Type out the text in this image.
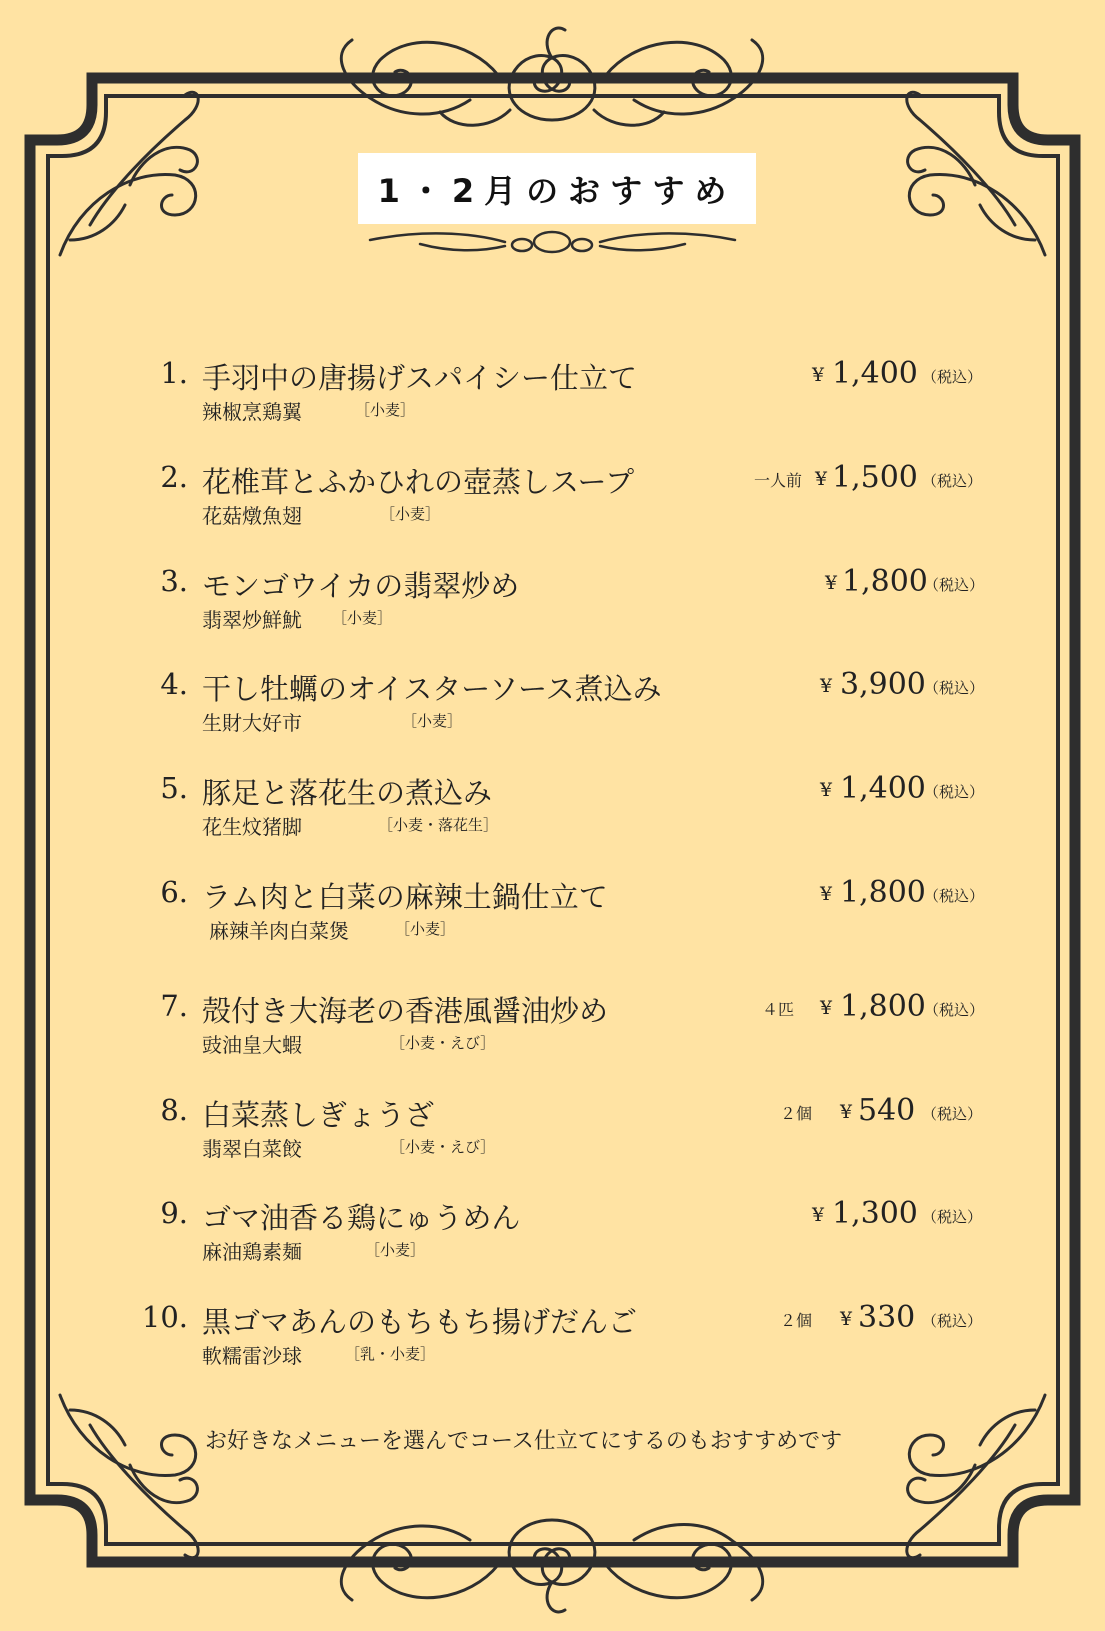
1・2月のおすすめ
1. 手羽中の唐揚げスパイシー仕立て
辣椒烹鶏翼	［小麦］
¥ 1,400 （税込）
2. 花椎茸とふかひれの壺蒸しスープ
花菇燉魚翅	［小麦］
一人前 ¥ 1,500 （税込）
3. モンゴウイカの翡翠炒め
翡翠炒鮮魷 ［小麦］
¥ 1,800
（税込）
4. 干し牡蠣のオイスターソース煮込み
生財大好市	［小麦］
¥ 3,900
（税込）
5. 豚足と落花生の煮込み
花生炆猪脚	［小麦・落花生］
¥ 1,400
（税込）
6. ラム肉と白菜の麻辣土鍋仕立て
麻辣羊肉白菜煲	［小麦］
¥ 1,800
（税込）
7. 殻付き大海老の香港風醤油炒め
豉油皇大蝦	［小麦・えび］
４匹 ¥ 1,800
（税込）
8. 白菜蒸しぎょうざ
翡翠白菜餃	［小麦・えび］
２個 ¥ 540 （税込）
9. ゴマ油香る鶏にゅうめん
麻油鶏素麺	［小麦］
¥ 1,300 （税込）
10. 黒ゴマあんのもちもち揚げだんご
軟糯雷沙球	［乳・小麦］
２個 ¥ 330 （税込）
お好きなメニューを選んでコース仕立てにするのもおすすめです
